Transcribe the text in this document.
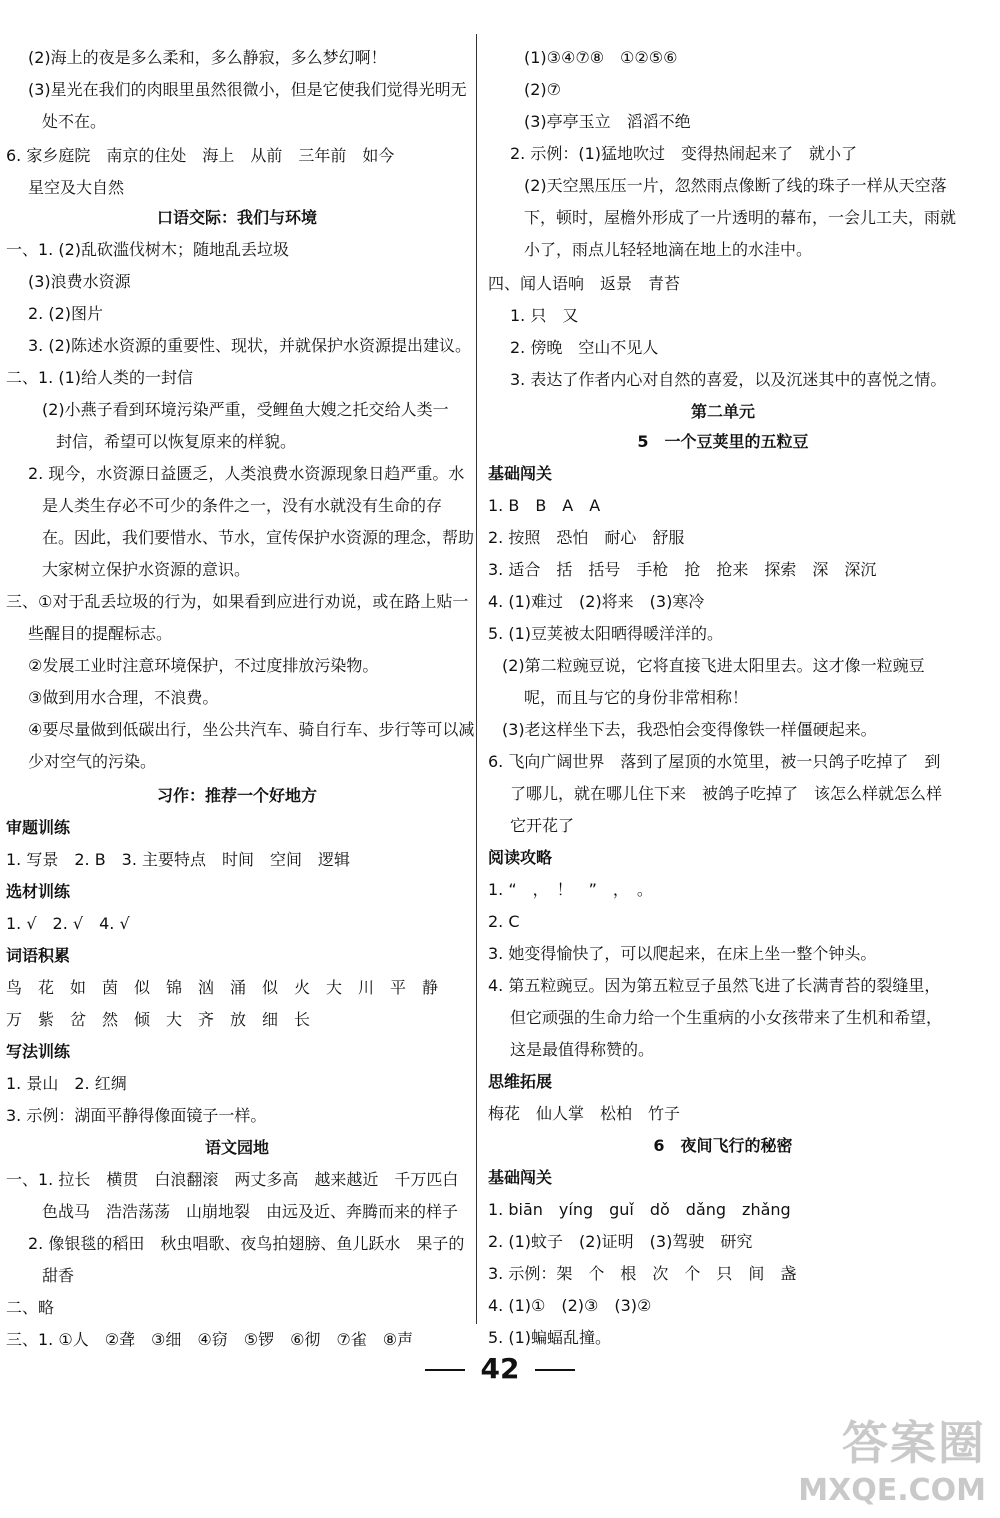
(2)海上的夜是多么柔和，多么静寂，多么梦幻啊！
(3)星光在我们的肉眼里虽然很微小，但是它使我们觉得光明无
处不在。
6. 家乡庭院　南京的住处　海上　从前　三年前　如今
星空及大自然
口语交际：我们与环境
一、1. (2)乱砍滥伐树木；随地乱丢垃圾
(3)浪费水资源
2. (2)图片
3. (2)陈述水资源的重要性、现状，并就保护水资源提出建议。
二、1. (1)给人类的一封信
(2)小燕子看到环境污染严重，受鲤鱼大嫂之托交给人类一
封信，希望可以恢复原来的样貌。
2. 现今，水资源日益匮乏，人类浪费水资源现象日趋严重。水
是人类生存必不可少的条件之一，没有水就没有生命的存
在。因此，我们要惜水、节水，宣传保护水资源的理念，帮助
大家树立保护水资源的意识。
三、①对于乱丢垃圾的行为，如果看到应进行劝说，或在路上贴一
些醒目的提醒标志。
②发展工业时注意环境保护，不过度排放污染物。
③做到用水合理，不浪费。
④要尽量做到低碳出行，坐公共汽车、骑自行车、步行等可以减
少对空气的污染。
习作：推荐一个好地方
审题训练
1. 写景　2. B　3. 主要特点　时间　空间　逻辑
选材训练
1. √　2. √　4. √
词语积累
鸟　花　如　茵　似　锦　汹　涌　似　火　大　川　平　静
万　紫　岔　然　倾　大　齐　放　细　长
写法训练
1. 景山　2. 红绸
3. 示例：湖面平静得像面镜子一样。
语文园地
一、1. 拉长　横贯　白浪翻滚　两丈多高　越来越近　千万匹白
色战马　浩浩荡荡　山崩地裂　由远及近、奔腾而来的样子
2. 像银毯的稻田　秋虫唱歌、夜鸟拍翅膀、鱼儿跃水　果子的
甜香
二、略
三、1. ①人　②聋　③细　④窃　⑤锣　⑥彻　⑦雀　⑧声
(1)③④⑦⑧　①②⑤⑥
(2)⑦
(3)亭亭玉立　滔滔不绝
2. 示例：(1)猛地吹过　变得热闹起来了　就小了
(2)天空黑压压一片，忽然雨点像断了线的珠子一样从天空落
下，顿时，屋檐外形成了一片透明的幕布，一会儿工夫，雨就
小了，雨点儿轻轻地滴在地上的水洼中。
四、闻人语响　返景　青苔
1. 只　又
2. 傍晚　空山不见人
3. 表达了作者内心对自然的喜爱，以及沉迷其中的喜悦之情。
第二单元
5　一个豆荚里的五粒豆
基础闯关
1. B　B　A　A
2. 按照　恐怕　耐心　舒服
3. 适合　括　括号　手枪　抢　抢来　探索　深　深沉
4. (1)难过　(2)将来　(3)寒冷
5. (1)豆荚被太阳晒得暖洋洋的。
(2)第二粒豌豆说，它将直接飞进太阳里去。这才像一粒豌豆
呢，而且与它的身份非常相称！
(3)老这样坐下去，我恐怕会变得像铁一样僵硬起来。
6. 飞向广阔世界　落到了屋顶的水笕里，被一只鸽子吃掉了　到
了哪儿，就在哪儿住下来　被鸽子吃掉了　该怎么样就怎么样
它开花了
阅读攻略
1. “　，　！　”　，　。
2. C
3. 她变得愉快了，可以爬起来，在床上坐一整个钟头。
4. 第五粒豌豆。因为第五粒豆子虽然飞进了长满青苔的裂缝里，
但它顽强的生命力给一个生重病的小女孩带来了生机和希望，
这是最值得称赞的。
思维拓展
梅花　仙人掌　松柏　竹子
6　夜间飞行的秘密
基础闯关
1. biān　yíng　guǐ　dǒ　dǎng　zhǎng
2. (1)蚊子　(2)证明　(3)驾驶　研究
3. 示例：架　个　根　次　个　只　间　盏
4. (1)①　(2)③　(3)②
5. (1)蝙蝠乱撞。
42
答案圈
MXQE.COM
